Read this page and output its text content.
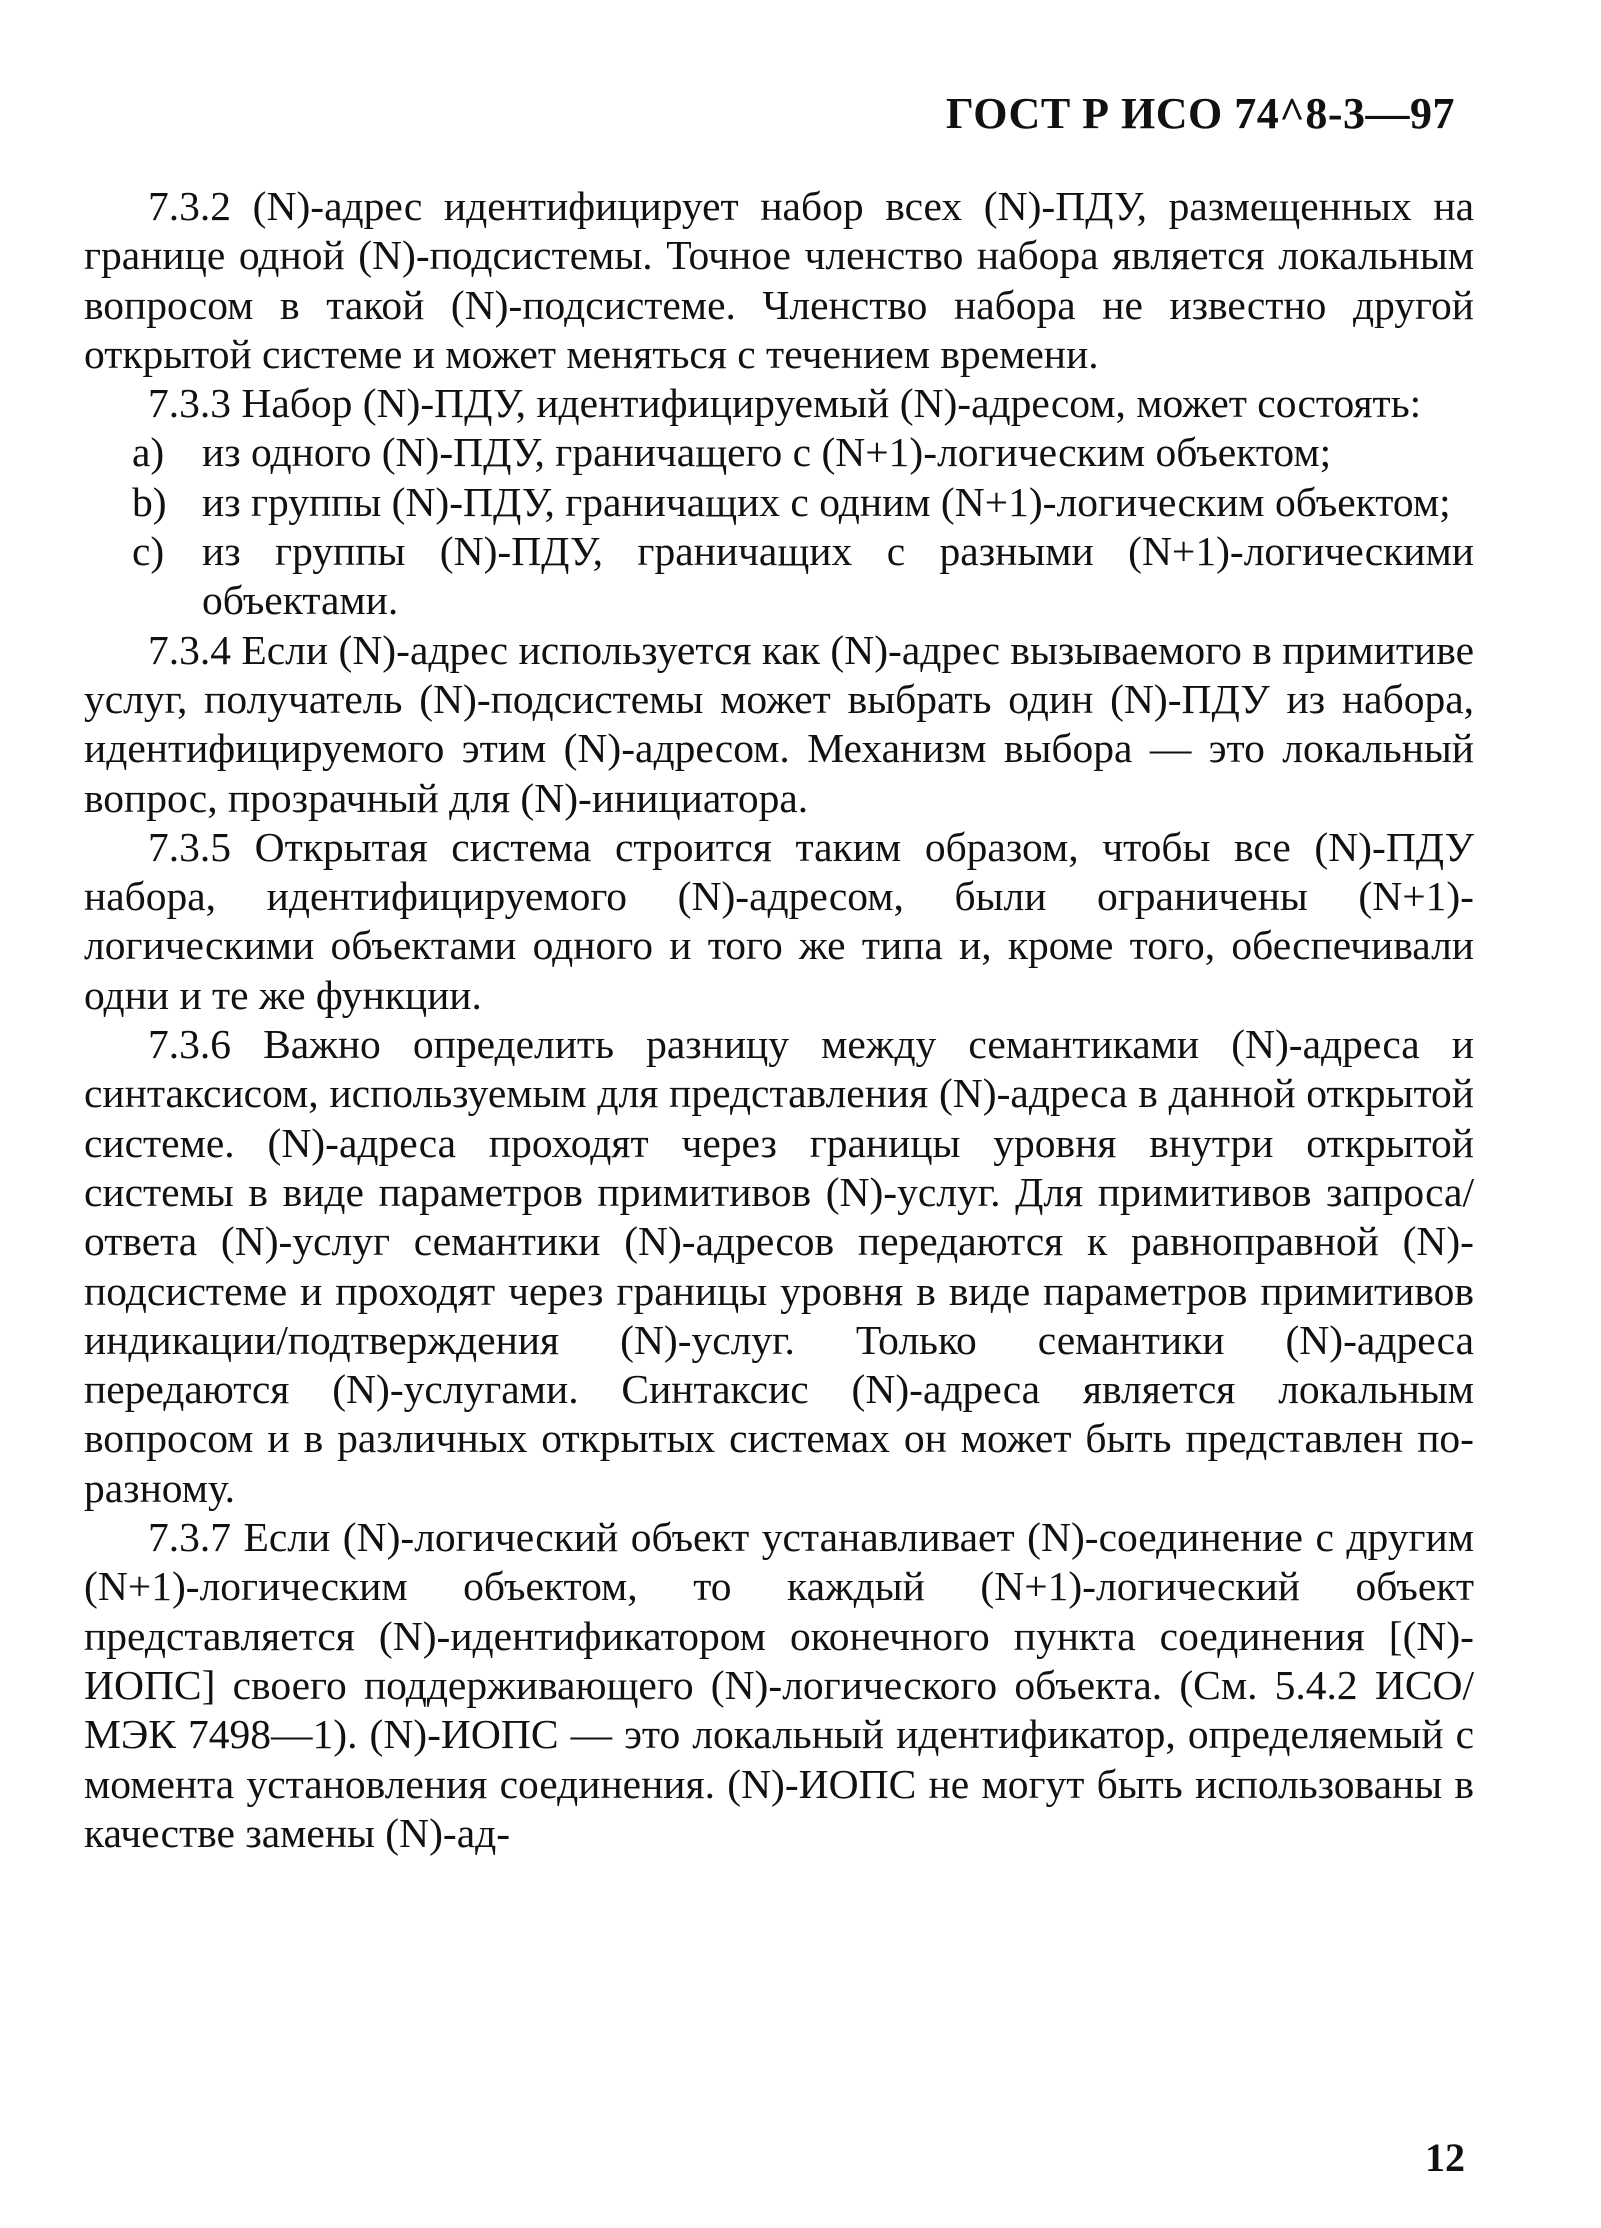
ГОСТ Р ИСО 74^8-3—97

7.3.2 (N)-адрес идентифицирует набор всех (N)-ПДУ, размещенных на границе одной (N)-подсистемы. Точное членство набора является локальным вопросом в такой (N)-подсистеме. Членство набора не известно другой открытой системе и может меняться с течением времени.

7.3.3 Набор (N)-ПДУ, идентифицируемый (N)-адресом, может состоять:

a) из одного (N)-ПДУ, граничащего с (N+1)-логическим объектом;
b) из группы (N)-ПДУ, граничащих с одним (N+1)-логическим объектом;
c) из группы (N)-ПДУ, граничащих с разными (N+1)-логическими объектами.

7.3.4 Если (N)-адрес используется как (N)-адрес вызываемого в примитиве услуг, получатель (N)-подсистемы может выбрать один (N)-ПДУ из набора, идентифицируемого этим (N)-адресом. Механизм выбора — это локальный вопрос, прозрачный для (N)-инициатора.

7.3.5 Открытая система строится таким образом, чтобы все (N)-ПДУ набора, идентифицируемого (N)-адресом, были ограничены (N+1)-логическими объектами одного и того же типа и, кроме того, обеспечивали одни и те же функции.

7.3.6 Важно определить разницу между семантиками (N)-адреса и синтаксисом, используемым для представления (N)-адреса в данной открытой системе. (N)-адреса проходят через границы уровня внутри открытой системы в виде параметров примитивов (N)-услуг. Для примитивов запроса/ответа (N)-услуг семантики (N)-адресов передаются к равноправной (N)-подсистеме и проходят через границы уровня в виде параметров примитивов индикации/подтверждения (N)-услуг. Только семантики (N)-адреса передаются (N)-услугами. Синтаксис (N)-адреса является локальным вопросом и в различных открытых системах он может быть представлен по-разному.

7.3.7 Если (N)-логический объект устанавливает (N)-соединение с другим (N+1)-логическим объектом, то каждый (N+1)-логический объект представляется (N)-идентификатором оконечного пункта соединения [(N)-ИОПС] своего поддерживающего (N)-логического объекта. (См. 5.4.2 ИСО/МЭК 7498—1). (N)-ИОПС — это локальный идентификатор, определяемый с момента установления соединения. (N)-ИОПС не могут быть использованы в качестве замены (N)-ад-

12
